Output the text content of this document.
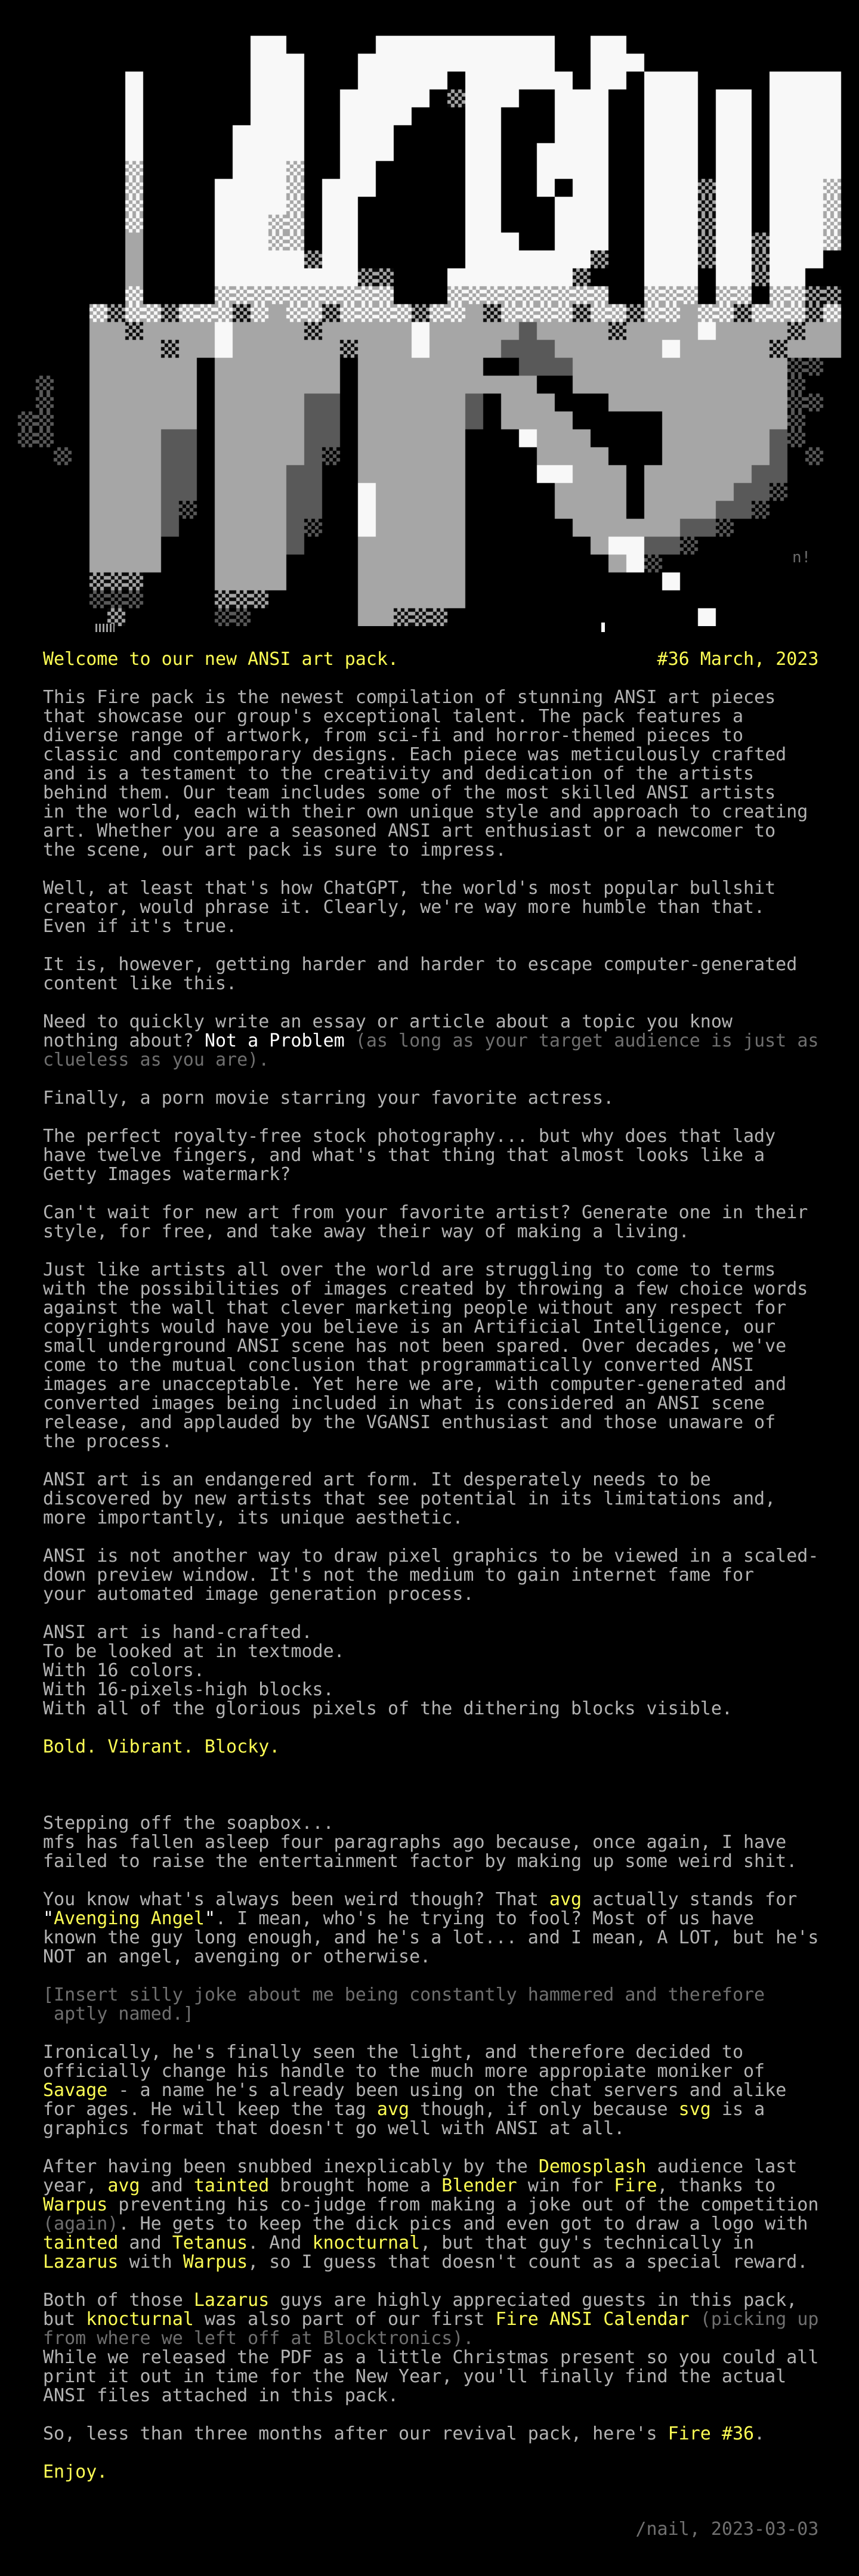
n!
Welcome to our new ANSI art pack.	#36 March, 2023
This Fire pack is the newest compilation of stunning ANSI art pieces
that showcase our group's exceptional talent. The pack features a
diverse range of artwork, from sci-fi and horror-themed pieces to
classic and contemporary designs. Each piece was meticulously crafted
and is a testament to the creativity and dedication of the artists
behind them. Our team includes some of the most skilled ANSI artists
in the world, each with their own unique style and approach to creating
art. Whether you are a seasoned ANSI art enthusiast or a newcomer to
the scene, our art pack is sure to impress.
Well, at least that's how ChatGPT, the world's most popular bullshit
creator, would phrase it. Clearly, we're way more humble than that.
Even if it's true.
It is, however, getting harder and harder to escape computer-generated
content like this.
Need to quickly write an essay or article about a topic you know
nothing about? Not a Problem (as long as your target audience is just as
clueless as you are).
Finally, a porn movie starring your favorite actress.
The perfect royalty-free stock photography... but why does that lady
have twelve fingers, and what's that thing that almost looks like a
Getty Images watermark?
Can't wait for new art from your favorite artist? Generate one in their
style, for free, and take away their way of making a living.
Just like artists all over the world are struggling to come to terms
with the possibilities of images created by throwing a few choice words
against the wall that clever marketing people without any respect for
copyrights would have you believe is an Artificial Intelligence, our
small underground ANSI scene has not been spared. Over decades, we've
come to the mutual conclusion that programmatically converted ANSI
images are unacceptable. Yet here we are, with computer-generated and
converted images being included in what is considered an ANSI scene
release, and applauded by the VGANSI enthusiast and those unaware of
the process.
ANSI art is an endangered art form. It desperately needs to be
discovered by new artists that see potential in its limitations and,
more importantly, its unique aesthetic.
ANSI is not another way to draw pixel graphics to be viewed in a scaled-
down preview window. It's not the medium to gain internet fame for
your automated image generation process.
ANSI art is hand-crafted.
To be looked at in textmode.
With 16 colors.
With 16-pixels-high blocks.
With all of the glorious pixels of the dithering blocks visible.
Bold. Vibrant. Blocky.
Stepping off the soapbox...
mfs has fallen asleep four paragraphs ago because, once again, I have
failed to raise the entertainment factor by making up some weird shit.
You know what's always been weird though? That avg actually stands for
"Avenging Angel". I mean, who's he trying to fool? Most of us have
known the guy long enough, and he's a lot... and I mean, A LOT, but he's
NOT an angel, avenging or otherwise.
[Insert silly joke about me being constantly hammered and therefore
aptly named.]
Ironically, he's finally seen the light, and therefore decided to
officially change his handle to the much more appropiate moniker of
Savage - a name he's already been using on the chat servers and alike
for ages. He will keep the tag avg though, if only because svg is a
graphics format that doesn't go well with ANSI at all.
After having been snubbed inexplicably by the Demosplash audience last
year, avg and tainted brought home a Blender win for Fire, thanks to
Warpus preventing his co-judge from making a joke out of the competition
(again). He gets to keep the dick pics and even got to draw a logo with
tainted and Tetanus. And knocturnal, but that guy's technically in
Lazarus with Warpus, so I guess that doesn't count as a special reward.
Both of those Lazarus guys are highly appreciated guests in this pack,
but knocturnal was also part of our first Fire ANSI Calendar (picking up
from where we left off at Blocktronics).
While we released the PDF as a little Christmas present so you could all
print it out in time for the New Year, you'll finally find the actual
ANSI files attached in this pack.
So, less than three months after our revival pack, here's Fire #36.
Enjoy.
/nail, 2023-03-03
